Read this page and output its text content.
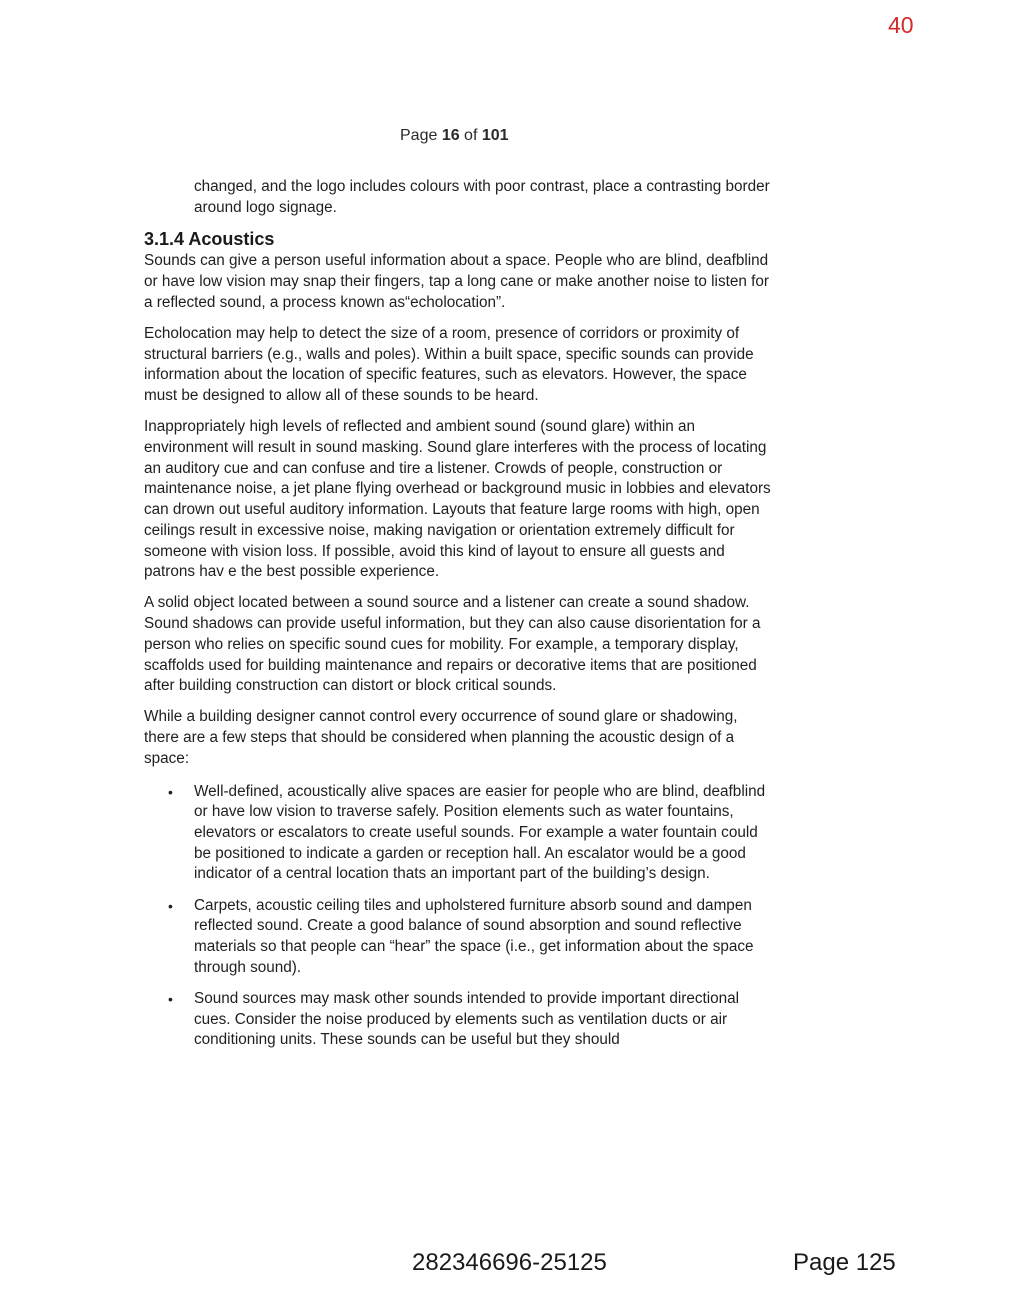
40
Page 16 of 101

changed, and the logo includes colours with poor contrast, place a contrasting border around logo signage.

3.1.4 Acoustics

Sounds can give a person useful information about a space. People who are blind, deafblind or have low vision may snap their fingers, tap a long cane or make another noise to listen for a reflected sound, a process known as“echolocation”.

Echolocation may help to detect the size of a room, presence of corridors or proximity of structural barriers (e.g., walls and poles). Within a built space, specific sounds can provide information about the location of specific features, such as elevators. However, the space must be designed to allow all of these sounds to be heard.

Inappropriately high levels of reflected and ambient sound (sound glare) within an environment will result in sound masking. Sound glare interferes with the process of locating an auditory cue and can confuse and tire a listener. Crowds of people, construction or maintenance noise, a jet plane flying overhead or background music in lobbies and elevators can drown out useful auditory information. Layouts that feature large rooms with high, open ceilings result in excessive noise, making navigation or orientation extremely difficult for someone with vision loss. If possible, avoid this kind of layout to ensure all guests and patrons hav e the best possible experience.

A solid object located between a sound source and a listener can create a sound shadow. Sound shadows can provide useful information, but they can also cause disorientation for a person who relies on specific sound cues for mobility. For example, a temporary display, scaffolds used for building maintenance and repairs or decorative items that are positioned after building construction can distort or block critical sounds.

While a building designer cannot control every occurrence of sound glare or shadowing, there are a few steps that should be considered when planning the acoustic design of a space:

• Well-defined, acoustically alive spaces are easier for people who are blind, deafblind or have low vision to traverse safely. Position elements such as water fountains, elevators or escalators to create useful sounds. For example a water fountain could be positioned to indicate a garden or reception hall. An escalator would be a good indicator of a central location thats an important part of the building’s design.
• Carpets, acoustic ceiling tiles and upholstered furniture absorb sound and dampen reflected sound. Create a good balance of sound absorption and sound reflective materials so that people can “hear” the space (i.e., get information about the space through sound).
• Sound sources may mask other sounds intended to provide important directional cues. Consider the noise produced by elements such as ventilation ducts or air conditioning units. These sounds can be useful but they should
282346696-25125	Page 125
